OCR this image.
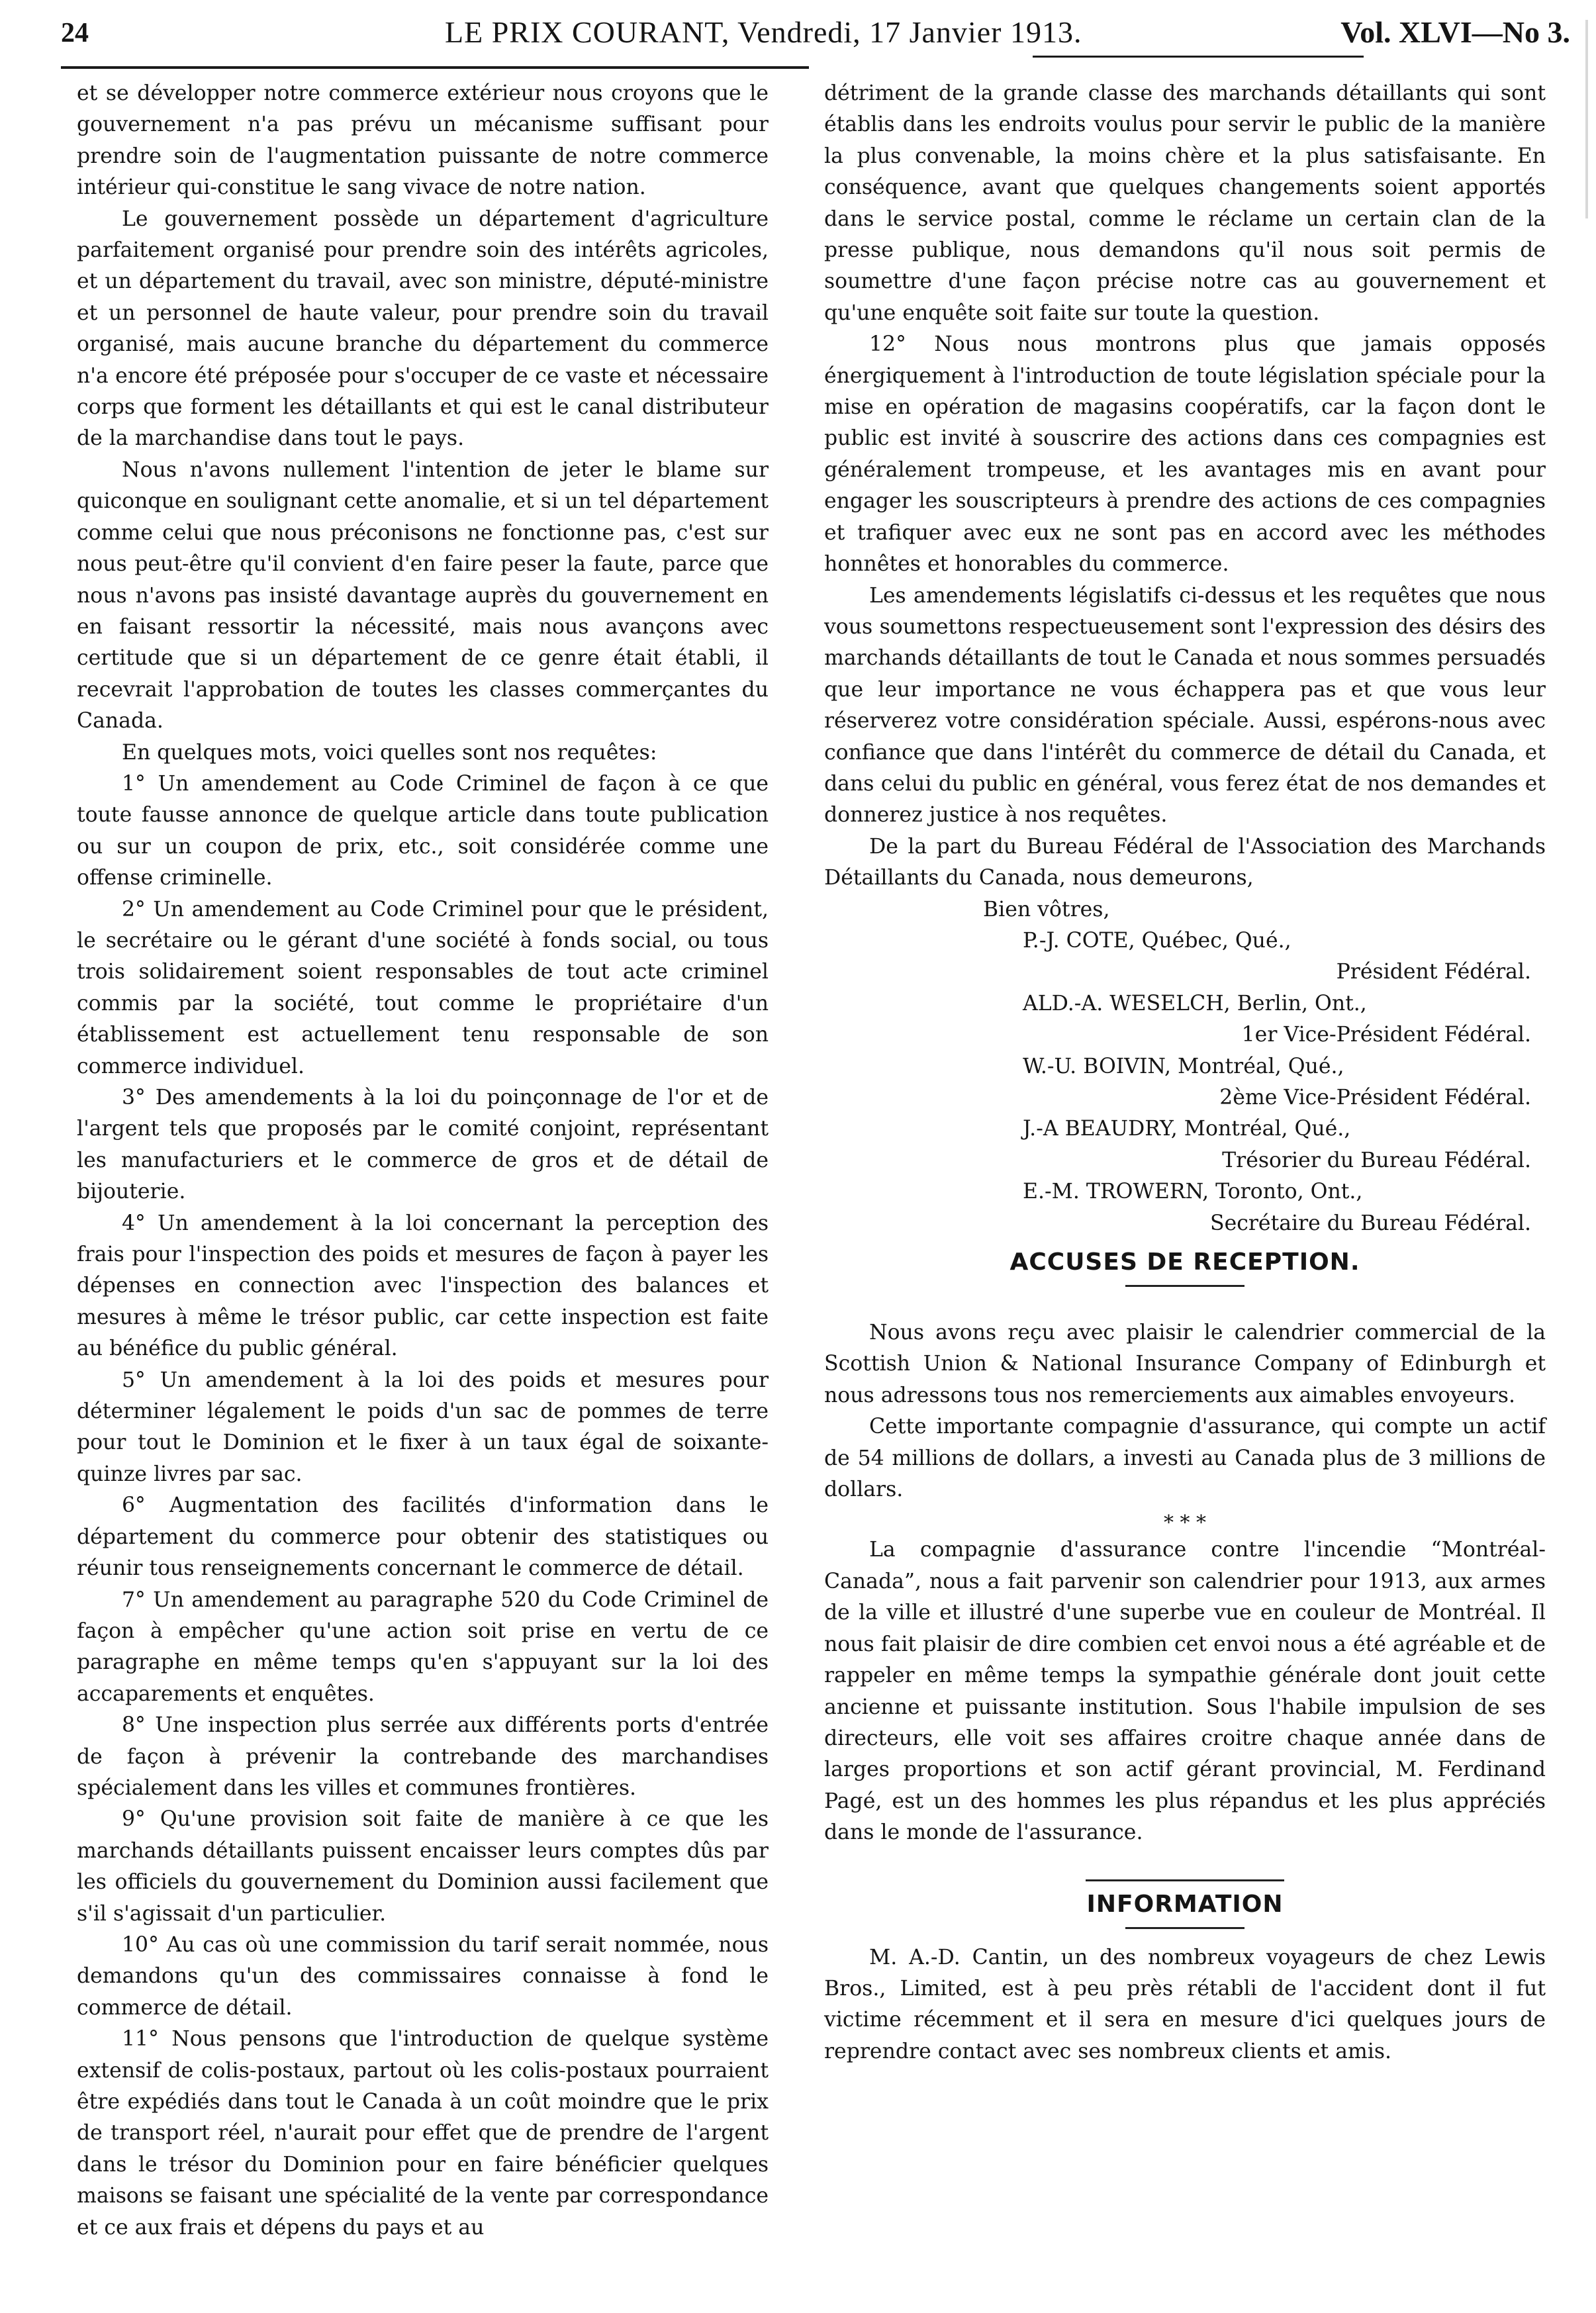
24	LE PRIX COURANT, Vendredi, 17 Janvier 1913.	Vol. XLVI—No 3.

et se développer notre commerce extérieur nous croyons que le gouvernement n'a pas prévu un mécanisme suffisant pour prendre soin de l'augmentation puissante de notre commerce intérieur qui-constitue le sang vivace de notre nation.

Le gouvernement possède un département d'agriculture parfaitement organisé pour prendre soin des intérêts agricoles, et un département du travail, avec son ministre, député-ministre et un personnel de haute valeur, pour prendre soin du travail organisé, mais aucune branche du département du commerce n'a encore été préposée pour s'occuper de ce vaste et nécessaire corps que forment les détaillants et qui est le canal distributeur de la marchandise dans tout le pays.

Nous n'avons nullement l'intention de jeter le blame sur quiconque en soulignant cette anomalie, et si un tel département comme celui que nous préconisons ne fonctionne pas, c'est sur nous peut-être qu'il convient d'en faire peser la faute, parce que nous n'avons pas insisté davantage auprès du gouvernement en en faisant ressortir la nécessité, mais nous avançons avec certitude que si un département de ce genre était établi, il recevrait l'approbation de toutes les classes commerçantes du Canada.

En quelques mots, voici quelles sont nos requêtes:

1° Un amendement au Code Criminel de façon à ce que toute fausse annonce de quelque article dans toute publication ou sur un coupon de prix, etc., soit considérée comme une offense criminelle.

2° Un amendement au Code Criminel pour que le président, le secrétaire ou le gérant d'une société à fonds social, ou tous trois solidairement soient responsables de tout acte criminel commis par la société, tout comme le propriétaire d'un établissement est actuellement tenu responsable de son commerce individuel.

3° Des amendements à la loi du poinçonnage de l'or et de l'argent tels que proposés par le comité conjoint, représentant les manufacturiers et le commerce de gros et de détail de bijouterie.

4° Un amendement à la loi concernant la perception des frais pour l'inspection des poids et mesures de façon à payer les dépenses en connection avec l'inspection des balances et mesures à même le trésor public, car cette inspection est faite au bénéfice du public général.

5° Un amendement à la loi des poids et mesures pour déterminer légalement le poids d'un sac de pommes de terre pour tout le Dominion et le fixer à un taux égal de soixante-quinze livres par sac.

6° Augmentation des facilités d'information dans le département du commerce pour obtenir des statistiques ou réunir tous renseignements concernant le commerce de détail.

7° Un amendement au paragraphe 520 du Code Criminel de façon à empêcher qu'une action soit prise en vertu de ce paragraphe en même temps qu'en s'appuyant sur la loi des accaparements et enquêtes.

8° Une inspection plus serrée aux différents ports d'entrée de façon à prévenir la contrebande des marchandises spécialement dans les villes et communes frontières.

9° Qu'une provision soit faite de manière à ce que les marchands détaillants puissent encaisser leurs comptes dûs par les officiels du gouvernement du Dominion aussi facilement que s'il s'agissait d'un particulier.

10° Au cas où une commission du tarif serait nommée, nous demandons qu'un des commissaires connaisse à fond le commerce de détail.

11° Nous pensons que l'introduction de quelque système extensif de colis-postaux, partout où les colis-postaux pourraient être expédiés dans tout le Canada à un coût moindre que le prix de transport réel, n'aurait pour effet que de prendre de l'argent dans le trésor du Dominion pour en faire bénéficier quelques maisons se faisant une spécialité de la vente par correspondance et ce aux frais et dépens du pays et au

détriment de la grande classe des marchands détaillants qui sont établis dans les endroits voulus pour servir le public de la manière la plus convenable, la moins chère et la plus satisfaisante. En conséquence, avant que quelques changements soient apportés dans le service postal, comme le réclame un certain clan de la presse publique, nous demandons qu'il nous soit permis de soumettre d'une façon précise notre cas au gouvernement et qu'une enquête soit faite sur toute la question.

12° Nous nous montrons plus que jamais opposés énergiquement à l'introduction de toute législation spéciale pour la mise en opération de magasins coopératifs, car la façon dont le public est invité à souscrire des actions dans ces compagnies est généralement trompeuse, et les avantages mis en avant pour engager les souscripteurs à prendre des actions de ces compagnies et trafiquer avec eux ne sont pas en accord avec les méthodes honnêtes et honorables du commerce.

Les amendements législatifs ci-dessus et les requêtes que nous vous soumettons respectueusement sont l'expression des désirs des marchands détaillants de tout le Canada et nous sommes persuadés que leur importance ne vous échappera pas et que vous leur réserverez votre considération spéciale. Aussi, espérons-nous avec confiance que dans l'intérêt du commerce de détail du Canada, et dans celui du public en général, vous ferez état de nos demandes et donnerez justice à nos requêtes.

De la part du Bureau Fédéral de l'Association des Marchands Détaillants du Canada, nous demeurons,

Bien vôtres,
P.-J. COTE, Québec, Qué.,
Président Fédéral.
ALD.-A. WESELCH, Berlin, Ont.,
1er Vice-Président Fédéral.
W.-U. BOIVIN, Montréal, Qué.,
2ème Vice-Président Fédéral.
J.-A BEAUDRY, Montréal, Qué.,
Trésorier du Bureau Fédéral.
E.-M. TROWERN, Toronto, Ont.,
Secrétaire du Bureau Fédéral.
ACCUSES DE RECEPTION.

Nous avons reçu avec plaisir le calendrier commercial de la Scottish Union & National Insurance Company of Edinburgh et nous adressons tous nos remerciements aux aimables envoyeurs.

Cette importante compagnie d'assurance, qui compte un actif de 54 millions de dollars, a investi au Canada plus de 3 millions de dollars.

* * *

La compagnie d'assurance contre l'incendie “Montréal-Canada”, nous a fait parvenir son calendrier pour 1913, aux armes de la ville et illustré d'une superbe vue en couleur de Montréal. Il nous fait plaisir de dire combien cet envoi nous a été agréable et de rappeler en même temps la sympathie générale dont jouit cette ancienne et puissante institution. Sous l'habile impulsion de ses directeurs, elle voit ses affaires croitre chaque année dans de larges proportions et son actif gérant provincial, M. Ferdinand Pagé, est un des hommes les plus répandus et les plus appréciés dans le monde de l'assurance.

INFORMATION

M. A.-D. Cantin, un des nombreux voyageurs de chez Lewis Bros., Limited, est à peu près rétabli de l'accident dont il fut victime récemment et il sera en mesure d'ici quelques jours de reprendre contact avec ses nombreux clients et amis.
